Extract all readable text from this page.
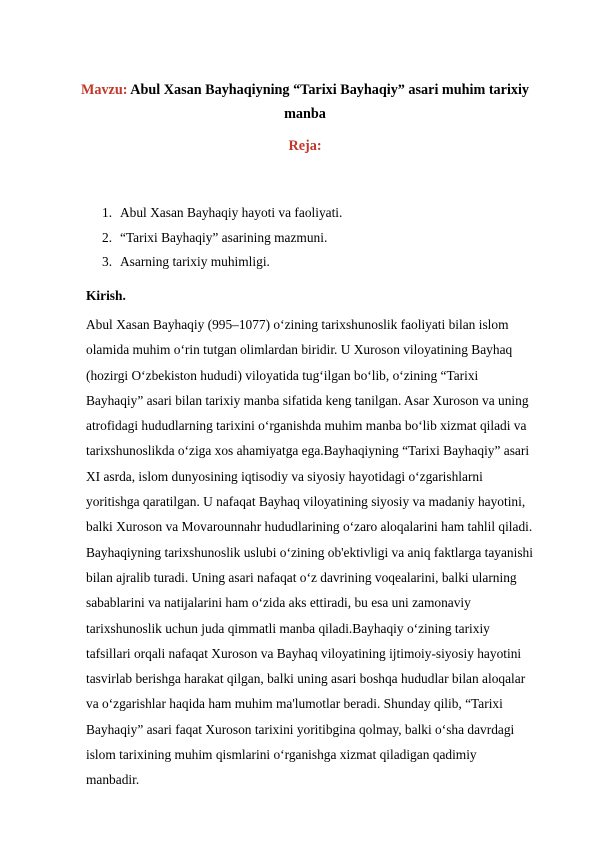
Mavzu: Abul Xasan Bayhaqiyning “Tarixi Bayhaqiy” asari muhim tarixiy
manba
Reja:
1. Abul Xasan Bayhaqiy hayoti va faoliyati.
2. “Tarixi Bayhaqiy” asarining mazmuni.
3. Asarning tarixiy muhimligi.
Kirish.
Abul Xasan Bayhaqiy (995–1077) oʻzining tarixshunoslik faoliyati bilan islom
olamida muhim oʻrin tutgan olimlardan biridir. U Xuroson viloyatining Bayhaq
(hozirgi Oʻzbekiston hududi) viloyatida tugʻilgan boʻlib, oʻzining “Tarixi
Bayhaqiy” asari bilan tarixiy manba sifatida keng tanilgan. Asar Xuroson va uning
atrofidagi hududlarning tarixini oʻrganishda muhim manba boʻlib xizmat qiladi va
tarixshunoslikda oʻziga xos ahamiyatga ega.Bayhaqiyning “Tarixi Bayhaqiy” asari
XI asrda, islom dunyosining iqtisodiy va siyosiy hayotidagi oʻzgarishlarni
yoritishga qaratilgan. U nafaqat Bayhaq viloyatining siyosiy va madaniy hayotini,
balki Xuroson va Movarounnahr hududlarining oʻzaro aloqalarini ham tahlil qiladi.
Bayhaqiyning tarixshunoslik uslubi oʻzining ob'ektivligi va aniq faktlarga tayanishi
bilan ajralib turadi. Uning asari nafaqat oʻz davrining voqealarini, balki ularning
sabablarini va natijalarini ham oʻzida aks ettiradi, bu esa uni zamonaviy
tarixshunoslik uchun juda qimmatli manba qiladi.Bayhaqiy oʻzining tarixiy
tafsillari orqali nafaqat Xuroson va Bayhaq viloyatining ijtimoiy-siyosiy hayotini
tasvirlab berishga harakat qilgan, balki uning asari boshqa hududlar bilan aloqalar
va oʻzgarishlar haqida ham muhim ma'lumotlar beradi. Shunday qilib, “Tarixi
Bayhaqiy” asari faqat Xuroson tarixini yoritibgina qolmay, balki oʻsha davrdagi
islom tarixining muhim qismlarini oʻrganishga xizmat qiladigan qadimiy
manbadir.
